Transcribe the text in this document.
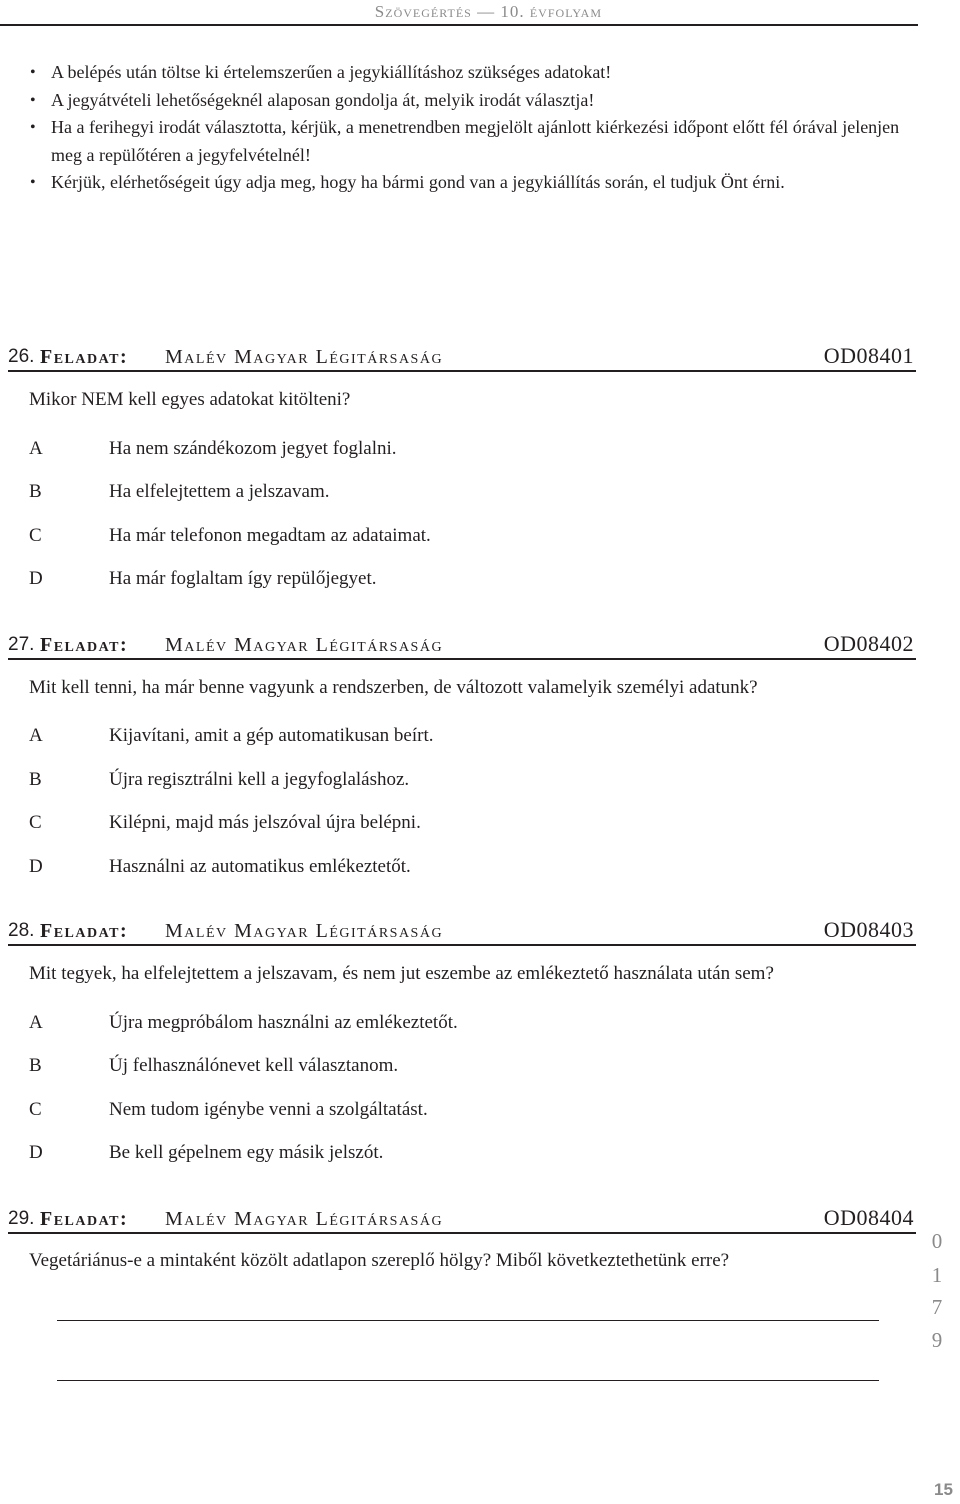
Szövegértés — 10. évfolyam
• A belépés után töltse ki értelemszerűen a jegykiállításhoz szükséges adatokat!
• A jegyátvételi lehetőségeknél alaposan gondolja át, melyik irodát választja!
• Ha a ferihegyi irodát választotta, kérjük, a menetrendben megjelölt ajánlott kiérkezési időpont előtt fél órával jelenjen meg a repülőtéren a jegyfelvételnél!
• Kérjük, elérhetőségeit úgy adja meg, hogy ha bármi gond van a jegykiállítás során, el tudjuk Önt érni.
26. Feladat: Malév Magyar Légitársaság	OD08401
Mikor NEM kell egyes adatokat kitölteni?
A	Ha nem szándékozom jegyet foglalni.
B	Ha elfelejtettem a jelszavam.
C	Ha már telefonon megadtam az adataimat.
D	Ha már foglaltam így repülőjegyet.
27. Feladat: Malév Magyar Légitársaság	OD08402
Mit kell tenni, ha már benne vagyunk a rendszerben, de változott valamelyik személyi adatunk?
A	Kijavítani, amit a gép automatikusan beírt.
B	Újra regisztrálni kell a jegyfoglaláshoz.
C	Kilépni, majd más jelszóval újra belépni.
D	Használni az automatikus emlékeztetőt.
28. Feladat: Malév Magyar Légitársaság	OD08403
Mit tegyek, ha elfelejtettem a jelszavam, és nem jut eszembe az emlékeztető használata után sem?
A	Újra megpróbálom használni az emlékeztetőt.
B	Új felhasználónevet kell választanom.
C	Nem tudom igénybe venni a szolgáltatást.
D	Be kell gépelnem egy másik jelszót.
29. Feladat: Malév Magyar Légitársaság	OD08404
Vegetáriánus-e a mintaként közölt adatlapon szereplő hölgy? Miből következtethetünk erre?
0
1
7
9
15
